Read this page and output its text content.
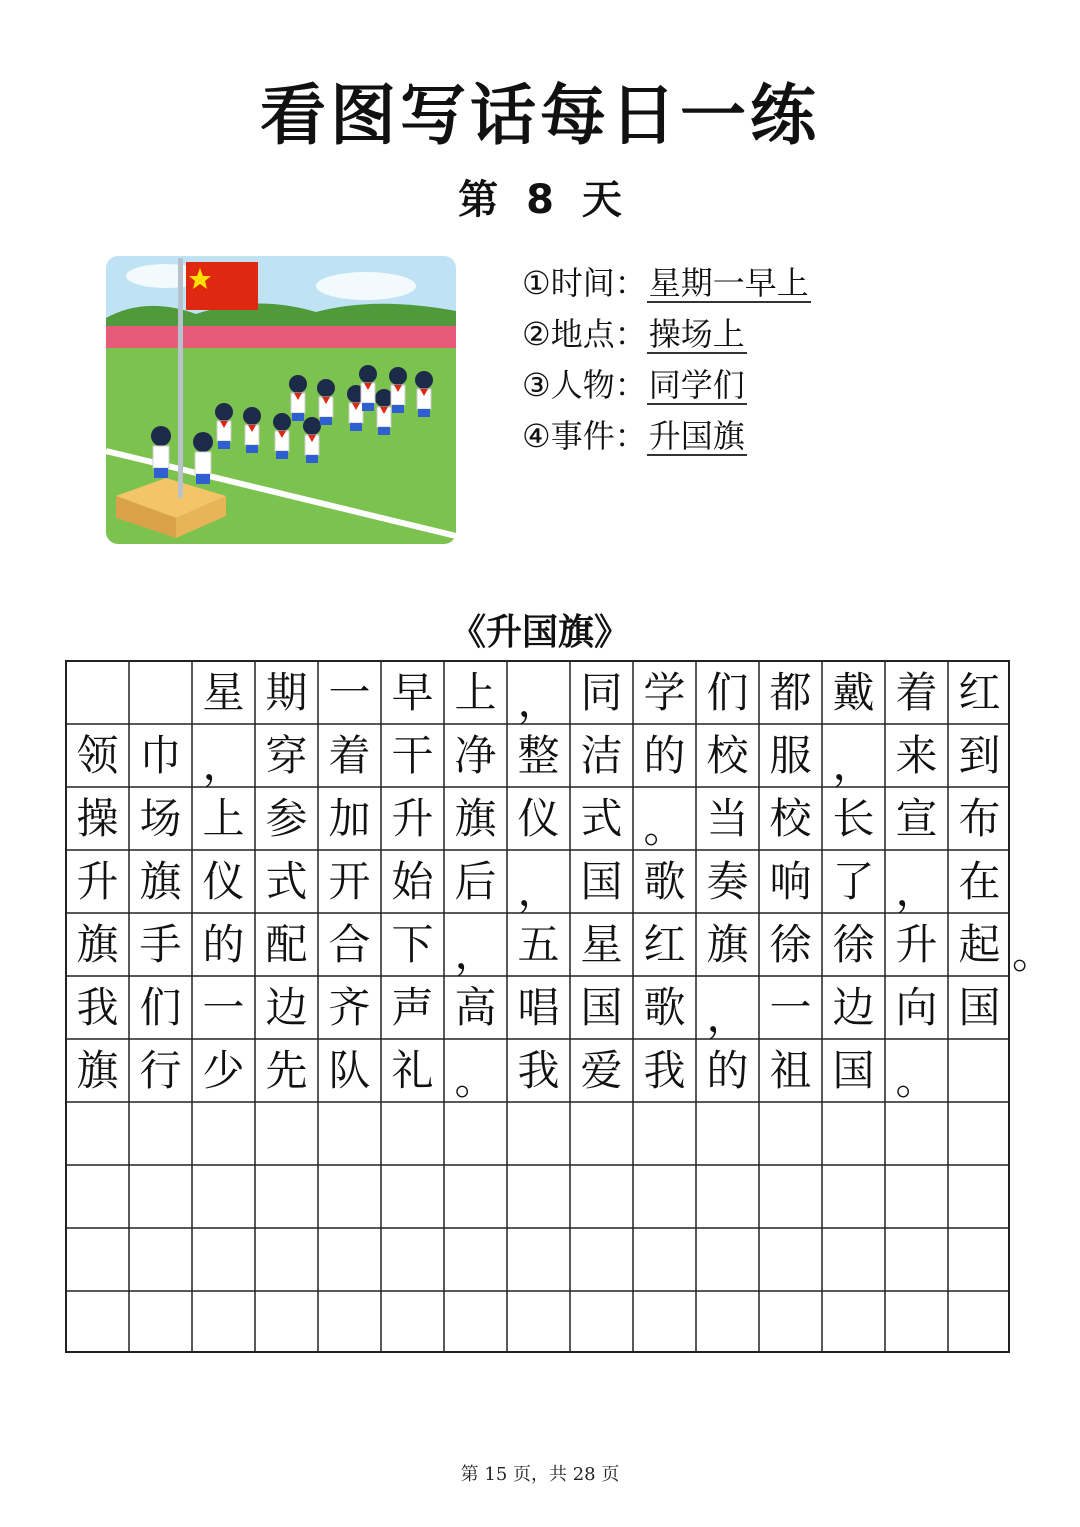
看图写话每日一练
第 8 天
①时间：星期一早上
②地点：操场上
③人物：同学们
④事件：升国旗
《升国旗》
星 期 一 早 上 ， 同 学 们 都 戴 着 红
领 巾 ， 穿 着 干 净 整 洁 的 校 服 ， 来 到
操 场 上 参 加 升 旗 仪 式 。 当 校 长 宣 布
升 旗 仪 式 开 始 后 ， 国 歌 奏 响 了 ， 在
旗 手 的 配 合 下 ， 五 星 红 旗 徐 徐 升 起
我 们 一 边 齐 声 高 唱 国 歌 ， 一 边 向 国
旗 行 少 先 队 礼 。 我 爱 我 的 祖 国 。
。
第 15 页，共 28 页
